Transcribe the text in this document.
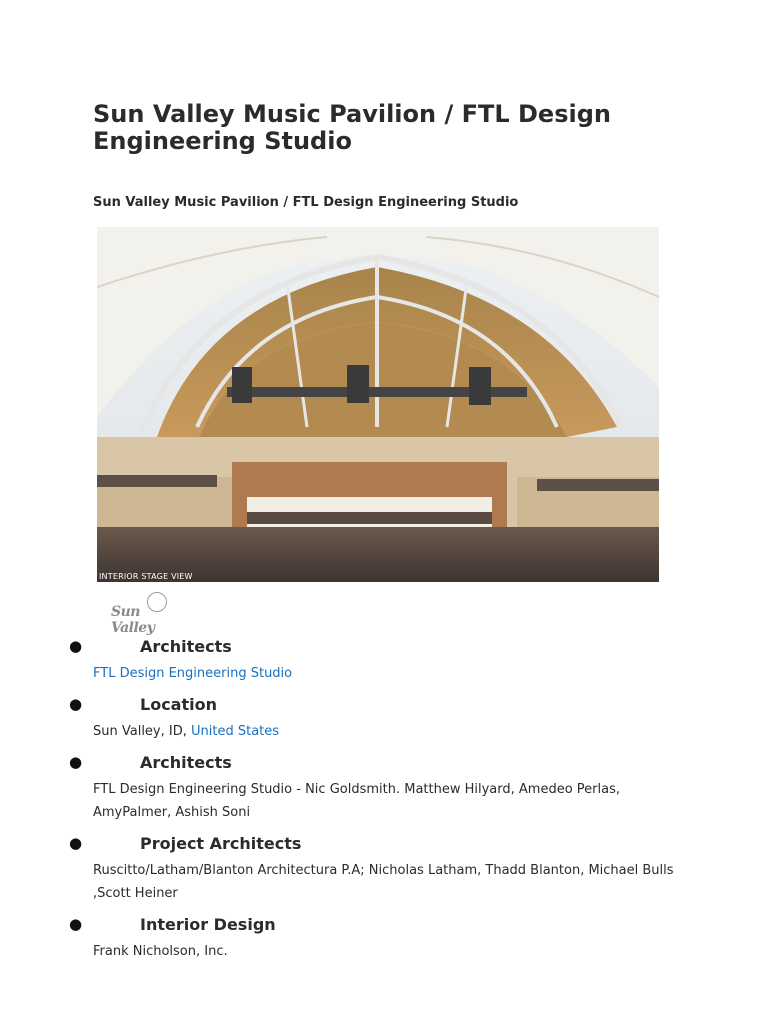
Sun Valley Music Pavilion / FTL Design Engineering Studio
Sun Valley Music Pavilion / FTL Design Engineering Studio
INTERIOR STAGE VIEW
Sun Valley
●	Architects
FTL Design Engineering Studio
●	Location
Sun Valley, ID, United States
●	Architects
FTL Design Engineering Studio - Nic Goldsmith. Matthew Hilyard, Amedeo Perlas, AmyPalmer, Ashish Soni
●	Project Architects
Ruscitto/Latham/Blanton Architectura P.A; Nicholas Latham, Thadd Blanton, Michael Bulls ,Scott Heiner
●	Interior Design
Frank Nicholson, Inc.
